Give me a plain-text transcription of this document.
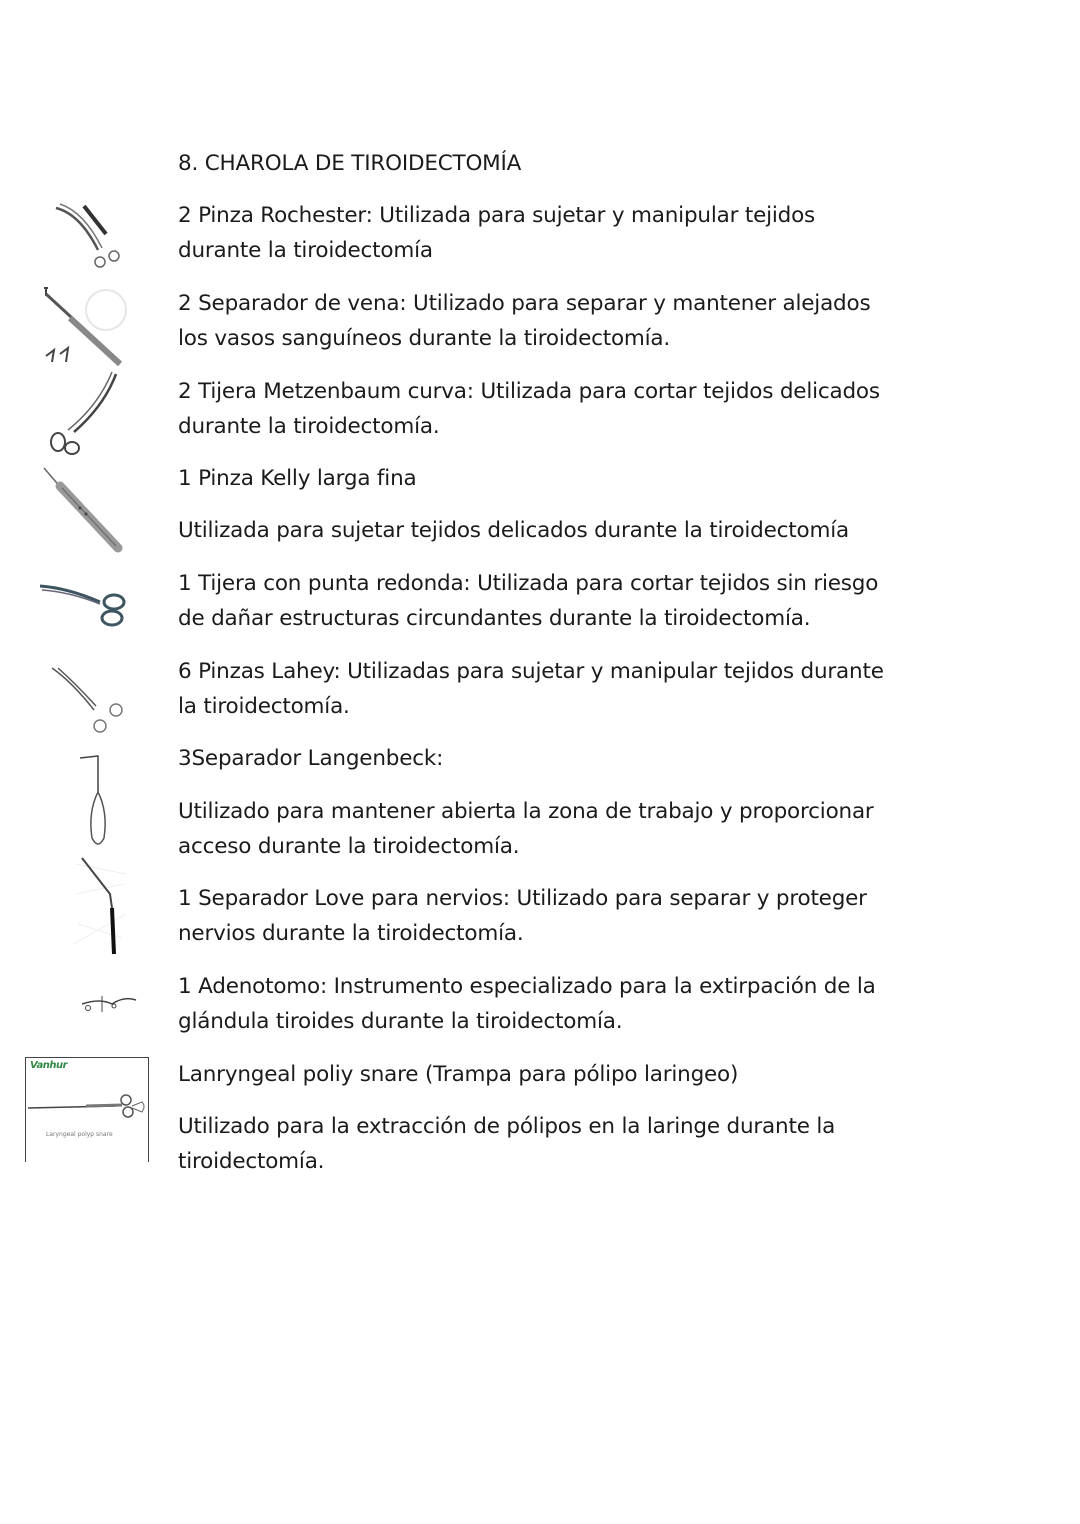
8. CHAROLA DE TIROIDECTOMÍA

2 Pinza Rochester: Utilizada para sujetar y manipular tejidos

durante la tiroidectomía

2 Separador de vena: Utilizado para separar y mantener alejados

los vasos sanguíneos durante la tiroidectomía.

2 Tijera Metzenbaum curva: Utilizada para cortar tejidos delicados

durante la tiroidectomía.

1 Pinza Kelly larga fina

Utilizada para sujetar tejidos delicados durante la tiroidectomía

1 Tijera con punta redonda: Utilizada para cortar tejidos sin riesgo

de dañar estructuras circundantes durante la tiroidectomía.

6 Pinzas Lahey: Utilizadas para sujetar y manipular tejidos durante

la tiroidectomía.

3Separador Langenbeck:

Utilizado para mantener abierta la zona de trabajo y proporcionar

acceso durante la tiroidectomía.

1 Separador Love para nervios: Utilizado para separar y proteger

nervios durante la tiroidectomía.

1 Adenotomo: Instrumento especializado para la extirpación de la

glándula tiroides durante la tiroidectomía.

Lanryngeal poliy snare (Trampa para pólipo laringeo)

Utilizado para la extracción de pólipos en la laringe durante la

tiroidectomía.

Vanhur
Laryngeal polyp snare
